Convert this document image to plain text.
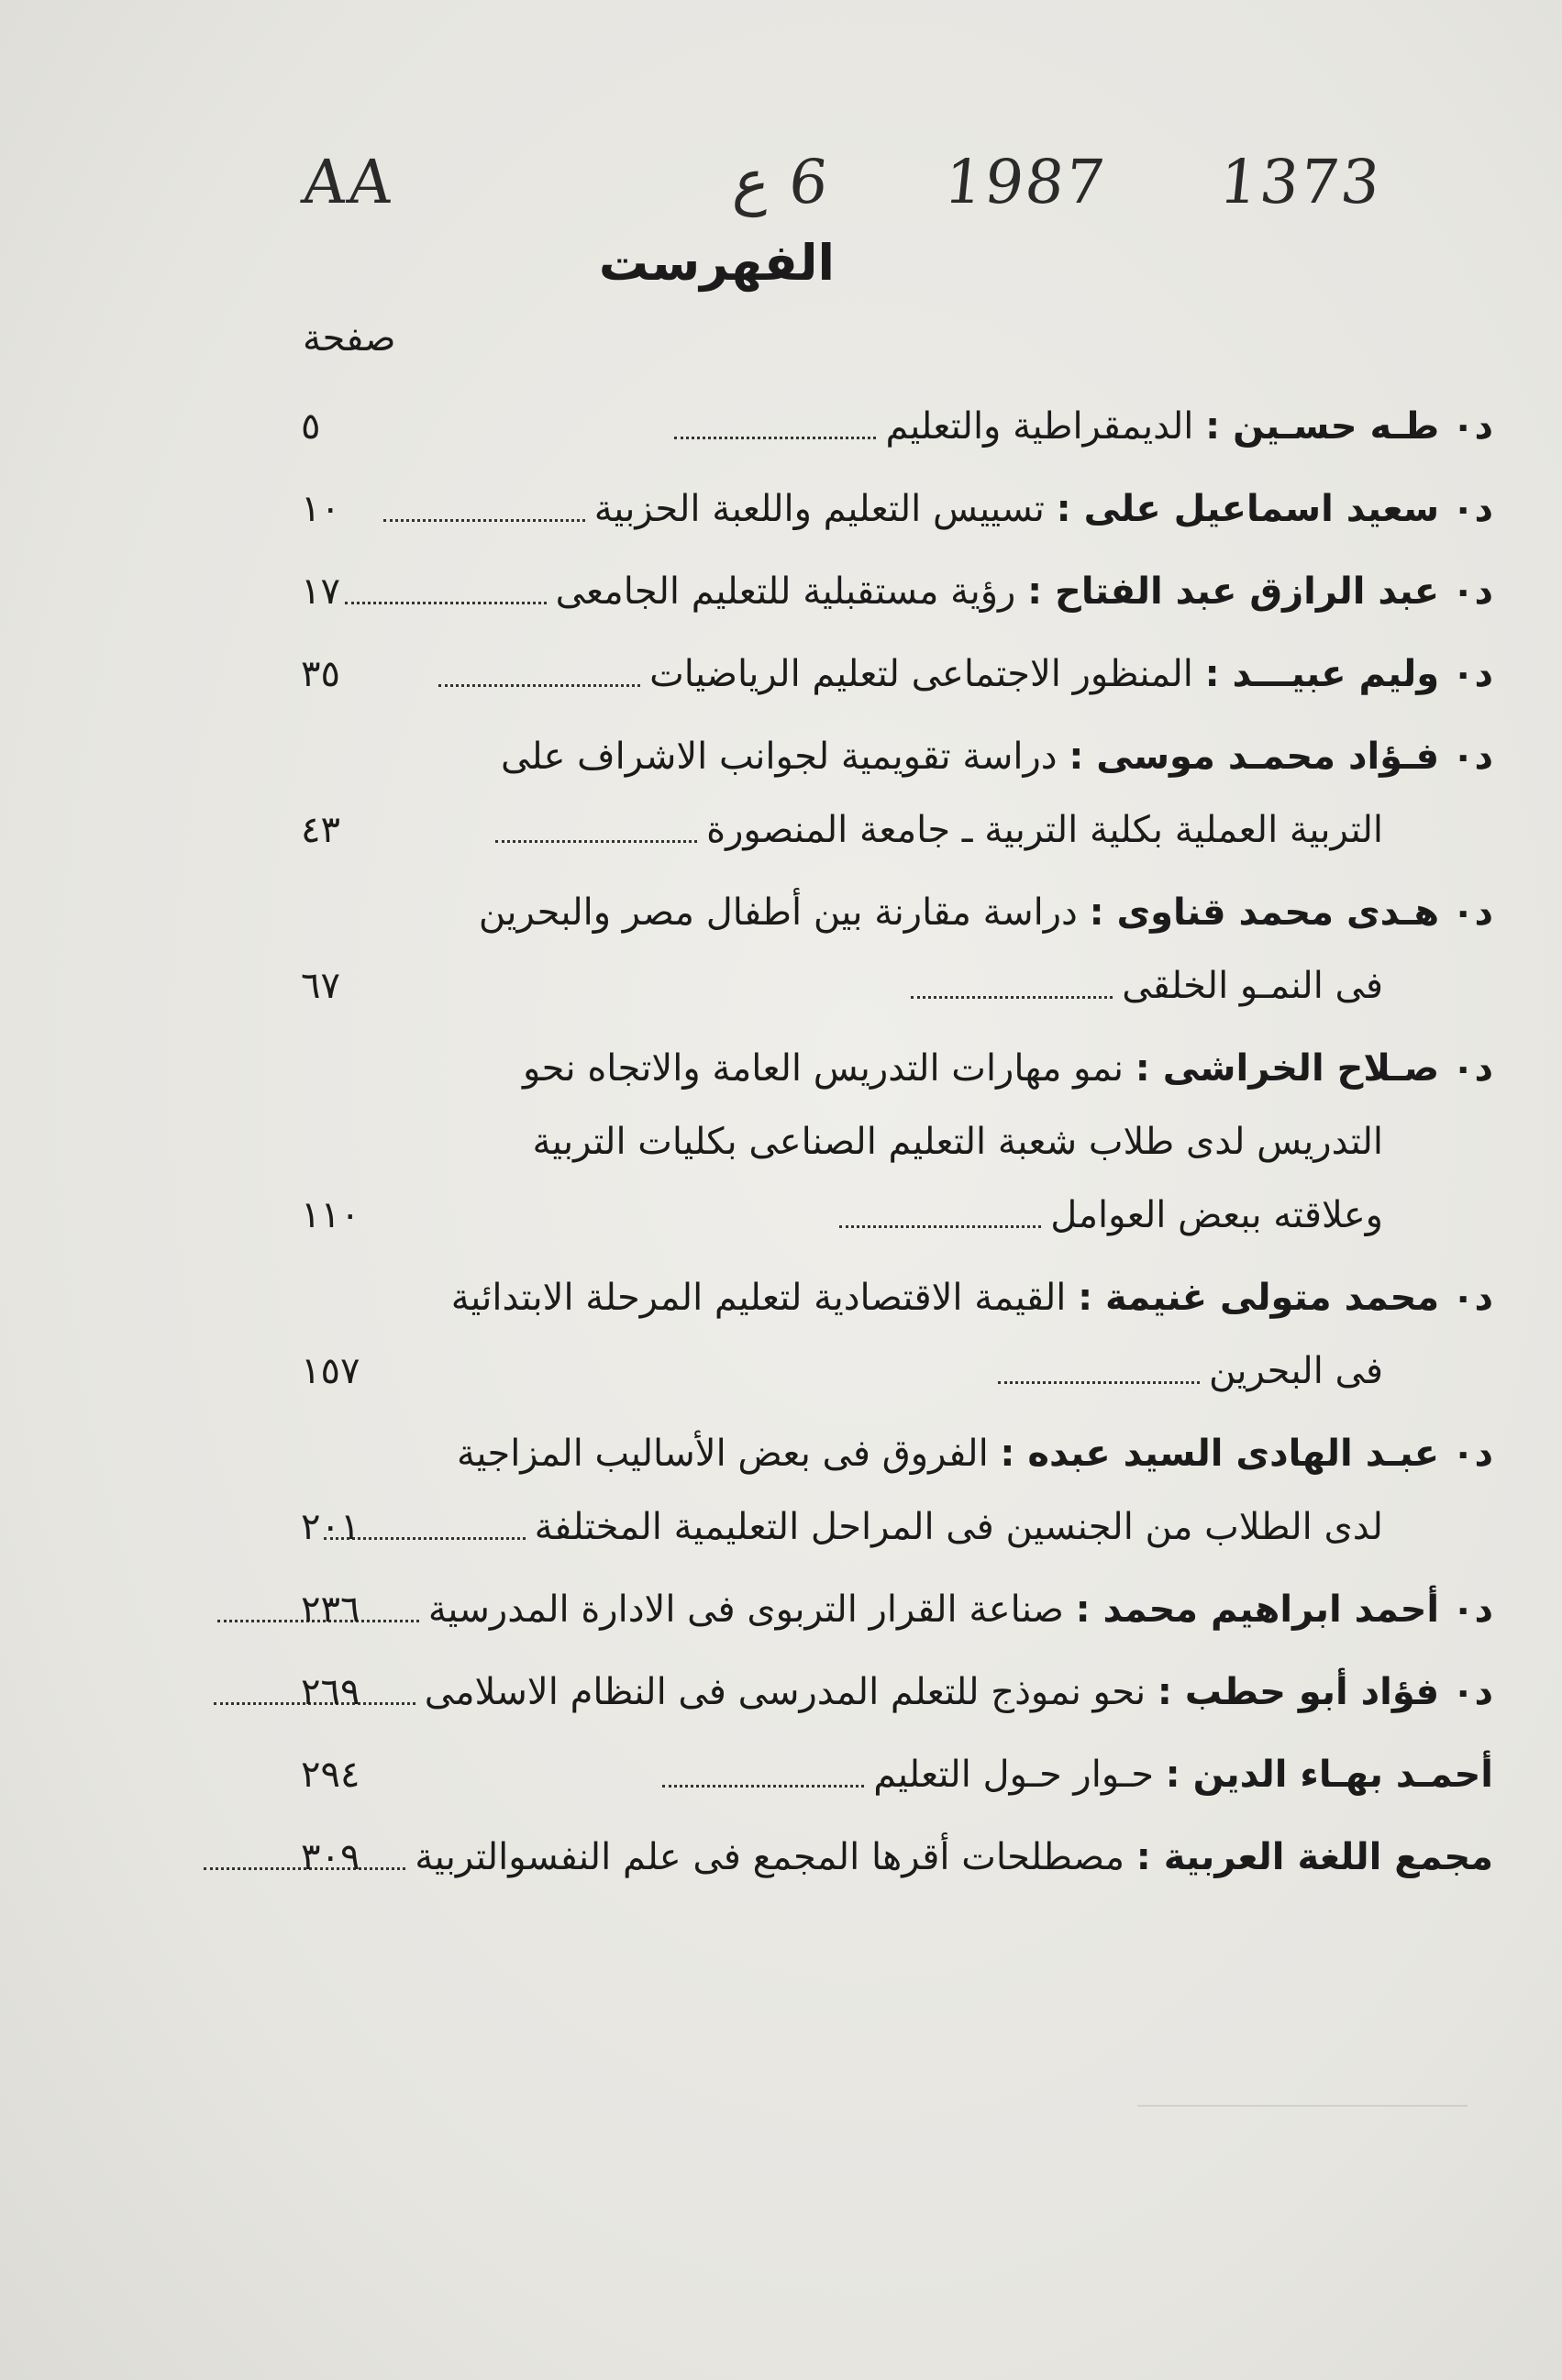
AA	6 ع 1987 1373
الفهرست
صفحة
د٠ طـه حسـين : الديمقراطية والتعليم
٥
د٠ سعيد اسماعيل على : تسييس التعليم واللعبة الحزبية
١٠
د٠ عبد الرازق عبد الفتاح : رؤية مستقبلية للتعليم الجامعى
١٧
د٠ وليم عبيـــد : المنظور الاجتماعى لتعليم الرياضيات
٣٥
د٠ فـؤاد محمـد موسى : دراسة تقويمية لجوانب الاشراف على
التربية العملية بكلية التربية ـ جامعة المنصورة
٤٣
د٠ هـدى محمد قناوى : دراسة مقارنة بين أطفال مصر والبحرين
فى النمـو الخلقى
٦٧
د٠ صـلاح الخراشى : نمو مهارات التدريس العامة والاتجاه نحو
التدريس لدى طلاب شعبة التعليم الصناعى بكليات التربية
وعلاقته ببعض العوامل
١١٠
د٠ محمد متولى غنيمة : القيمة الاقتصادية لتعليم المرحلة الابتدائية
فى البحرين
١٥٧
د٠ عبـد الهادى السيد عبده : الفروق فى بعض الأساليب المزاجية
لدى الطلاب من الجنسين فى المراحل التعليمية المختلفة
٢٠١
د٠ أحمد ابراهيم محمد : صناعة القرار التربوى فى الادارة المدرسية
٢٣٦
د٠ فؤاد أبو حطب : نحو نموذج للتعلم المدرسى فى النظام الاسلامى
٢٦٩
أحمـد بهـاء الدين : حـوار حـول التعليم
٢٩٤
مجمع اللغة العربية : مصطلحات أقرها المجمع فى علم النفسوالتربية
٣٠٩
